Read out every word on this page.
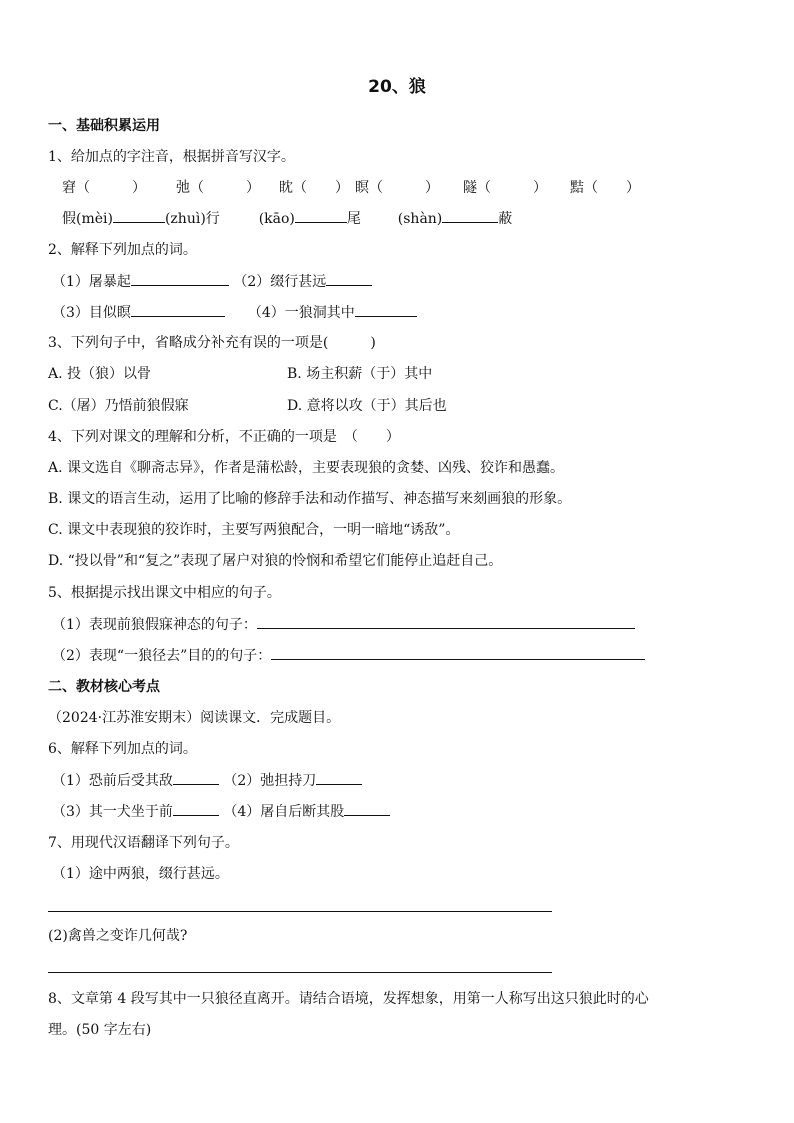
20、狼
一、基础积累运用
1、给加点的字注音，根据拼音写汉字。
窘（　　　） 弛（　　　） 眈（　　） 瞑（　　　） 隧（　　　） 黠（　　）
假(mèi)	(zhuì)行	(kāo)	尾	(shàn)	蔽
2、解释下列加点的词。
（1）屠暴起	（2）缀行甚远
（3）目似瞑	（4）一狼洞其中
3、下列句子中，省略成分补充有误的一项是(　　　)
A. 投（狼）以骨	B. 场主积薪（于）其中
C.（屠）乃悟前狼假寐	D. 意将以攻（于）其后也
4、下列对课文的理解和分析，不正确的一项是　（　　）
A. 课文选自《聊斋志异》，作者是蒲松龄，主要表现狼的贪婪、凶残、狡诈和愚蠢。
B. 课文的语言生动，运用了比喻的修辞手法和动作描写、神态描写来刻画狼的形象。
C. 课文中表现狼的狡诈时，主要写两狼配合，一明一暗地“诱敌”。
D. “投以骨”和“复之”表现了屠户对狼的怜悯和希望它们能停止追赶自己。
5、根据提示找出课文中相应的句子。
（1）表现前狼假寐神态的句子：
（2）表现“一狼径去”目的的句子：
二、教材核心考点
（2024·江苏淮安期末）阅读课文．完成题目。
6、解释下列加点的词。
（1）恐前后受其敌	（2）弛担持刀
（3）其一犬坐于前	（4）屠自后断其股
7、用现代汉语翻译下列句子。
（1）途中两狼，缀行甚远。
(2)禽兽之变诈几何哉?
8、文章第 4 段写其中一只狼径直离开。请结合语境，发挥想象，用第一人称写出这只狼此时的心
理。(50 字左右)
